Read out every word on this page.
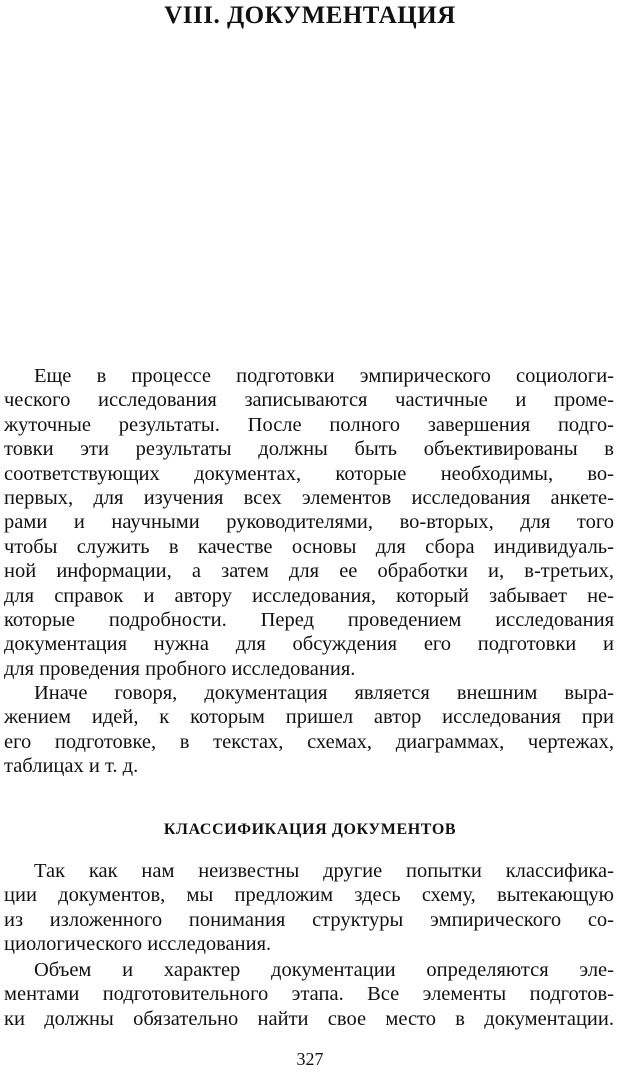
VIII. ДОКУМЕНТАЦИЯ
Еще в процессе подготовки эмпирического социологи-
ческого исследования записываются частичные и проме-
жуточные результаты. После полного завершения подго-
товки эти результаты должны быть объективированы в
соответствующих документах, которые необходимы, во-
первых, для изучения всех элементов исследования анкете-
рами и научными руководителями, во-вторых, для того
чтобы служить в качестве основы для сбора индивидуаль-
ной информации, а затем для ее обработки и, в-третьих,
для справок и автору исследования, который забывает не-
которые подробности. Перед проведением исследования
документация нужна для обсуждения его подготовки и
для проведения пробного исследования.
Иначе говоря, документация является внешним выра-
жением идей, к которым пришел автор исследования при
его подготовке, в текстах, схемах, диаграммах, чертежах,
таблицах и т. д.
КЛАССИФИКАЦИЯ ДОКУМЕНТОВ
Так как нам неизвестны другие попытки классифика-
ции документов, мы предложим здесь схему, вытекающую
из изложенного понимания структуры эмпирического со-
циологического исследования.
Объем и характер документации определяются эле-
ментами подготовительного этапа. Все элементы подготов-
ки должны обязательно найти свое место в документации.
327
